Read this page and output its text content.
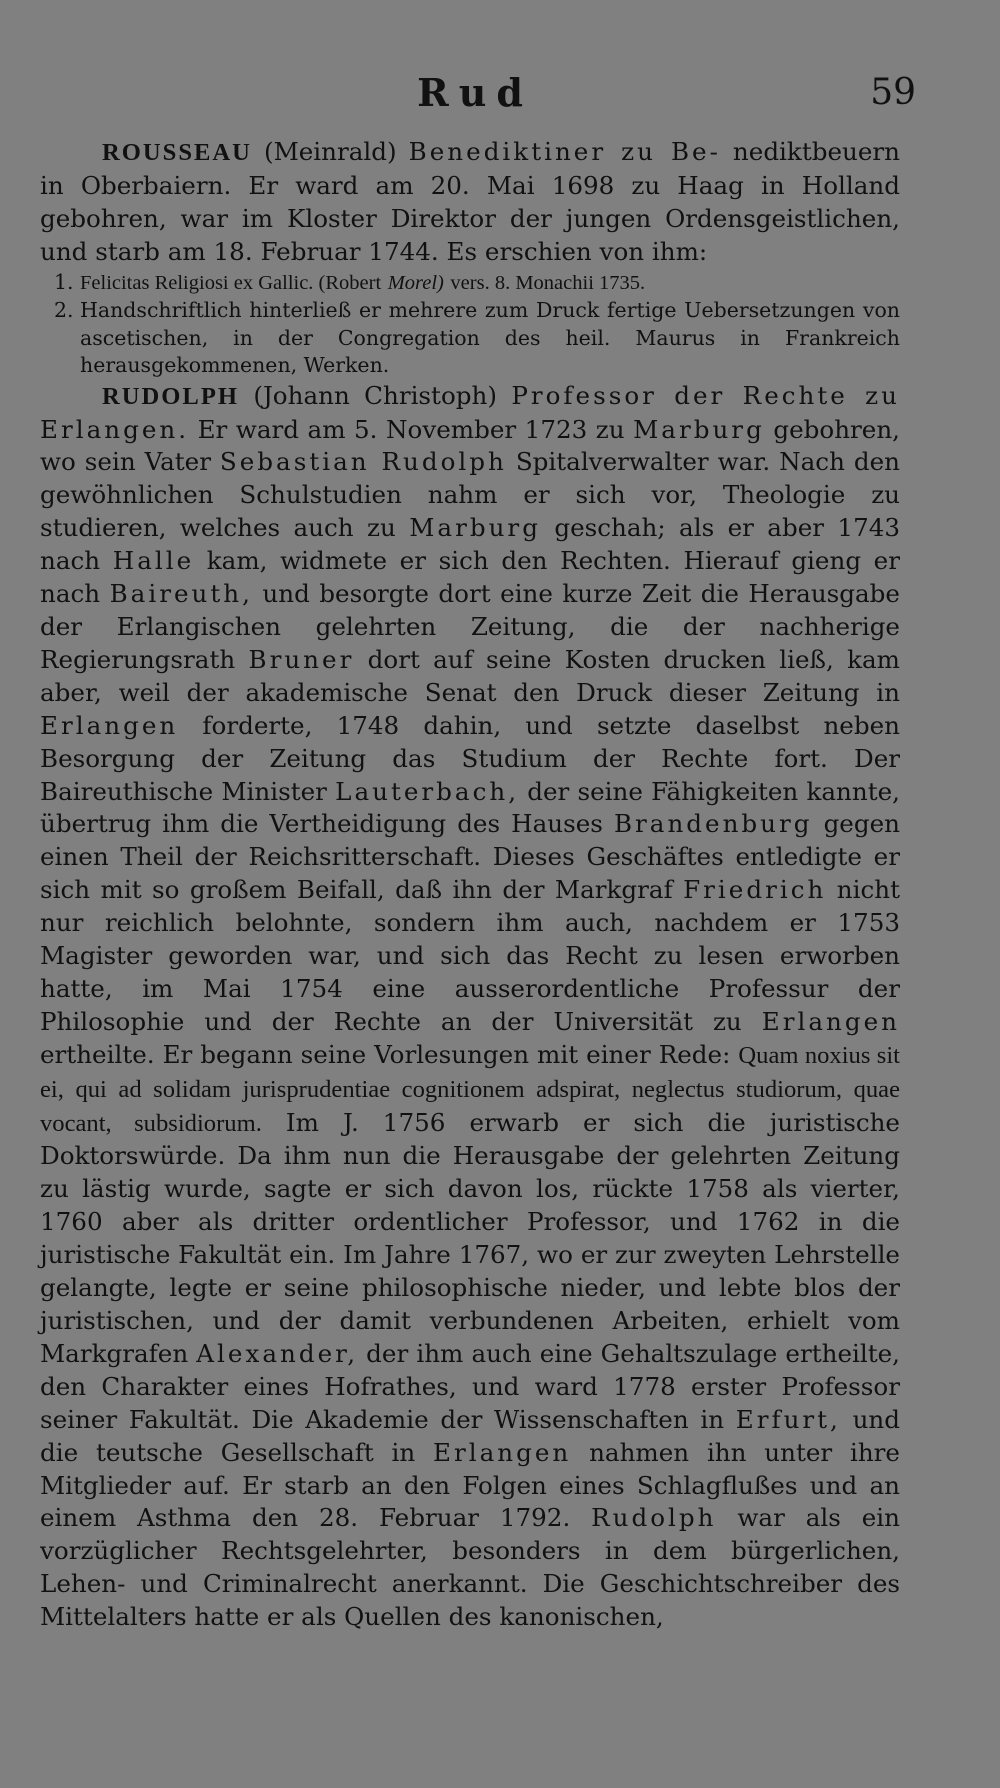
Rud	59

ROUSSEAU (Meinrald) Benediktiner zu Be- nediktbeuern in Oberbaiern. Er ward am 20. Mai 1698 zu Haag in Holland gebohren, war im Kloster Direktor der jungen Ordensgeistlichen, und starb am 18. Februar 1744. Es erschien von ihm:

1. Felicitas Religiosi ex Gallic. (Robert Morel) vers. 8. Monachii 1735.
2. Handschriftlich hinterließ er mehrere zum Druck fertige Uebersetzungen von ascetischen, in der Congregation des heil. Maurus in Frankreich herausgekommenen, Werken.

RUDOLPH (Johann Christoph) Professor der Rechte zu Erlangen. Er ward am 5. November 1723 zu Marburg gebohren, wo sein Vater Sebastian Rudolph Spitalverwalter war. Nach den gewöhnlichen Schulstudien nahm er sich vor, Theologie zu studieren, welches auch zu Marburg geschah; als er aber 1743 nach Halle kam, widmete er sich den Rechten. Hierauf gieng er nach Baireuth, und besorgte dort eine kurze Zeit die Herausgabe der Erlangischen gelehrten Zeitung, die der nachherige Regierungsrath Bruner dort auf seine Kosten drucken ließ, kam aber, weil der akademische Senat den Druck dieser Zeitung in Erlangen forderte, 1748 dahin, und setzte daselbst neben Besorgung der Zeitung das Studium der Rechte fort. Der Baireuthische Minister Lauterbach, der seine Fähigkeiten kannte, übertrug ihm die Vertheidigung des Hauses Brandenburg gegen einen Theil der Reichsritterschaft. Dieses Geschäftes entledigte er sich mit so großem Beifall, daß ihn der Markgraf Friedrich nicht nur reichlich belohnte, sondern ihm auch, nachdem er 1753 Magister geworden war, und sich das Recht zu lesen erworben hatte, im Mai 1754 eine ausserordentliche Professur der Philosophie und der Rechte an der Universität zu Erlangen ertheilte. Er begann seine Vorlesungen mit einer Rede: Quam noxius sit ei, qui ad solidam jurisprudentiae cognitionem adspirat, neglectus studiorum, quae vocant, subsidiorum. Im J. 1756 erwarb er sich die juristische Doktorswürde. Da ihm nun die Herausgabe der gelehrten Zeitung zu lästig wurde, sagte er sich davon los, rückte 1758 als vierter, 1760 aber als dritter ordentlicher Professor, und 1762 in die juristische Fakultät ein. Im Jahre 1767, wo er zur zweyten Lehrstelle gelangte, legte er seine philosophische nieder, und lebte blos der juristischen, und der damit verbundenen Arbeiten, erhielt vom Markgrafen Alexander, der ihm auch eine Gehaltszulage ertheilte, den Charakter eines Hofrathes, und ward 1778 erster Professor seiner Fakultät. Die Akademie der Wissenschaften in Erfurt, und die teutsche Gesellschaft in Erlangen nahmen ihn unter ihre Mitglieder auf. Er starb an den Folgen eines Schlagflußes und an einem Asthma den 28. Februar 1792. Rudolph war als ein vorzüglicher Rechtsgelehrter, besonders in dem bürgerlichen, Lehen- und Criminalrecht anerkannt. Die Geschichtschreiber des Mittelalters hatte er als Quellen des kanonischen,
